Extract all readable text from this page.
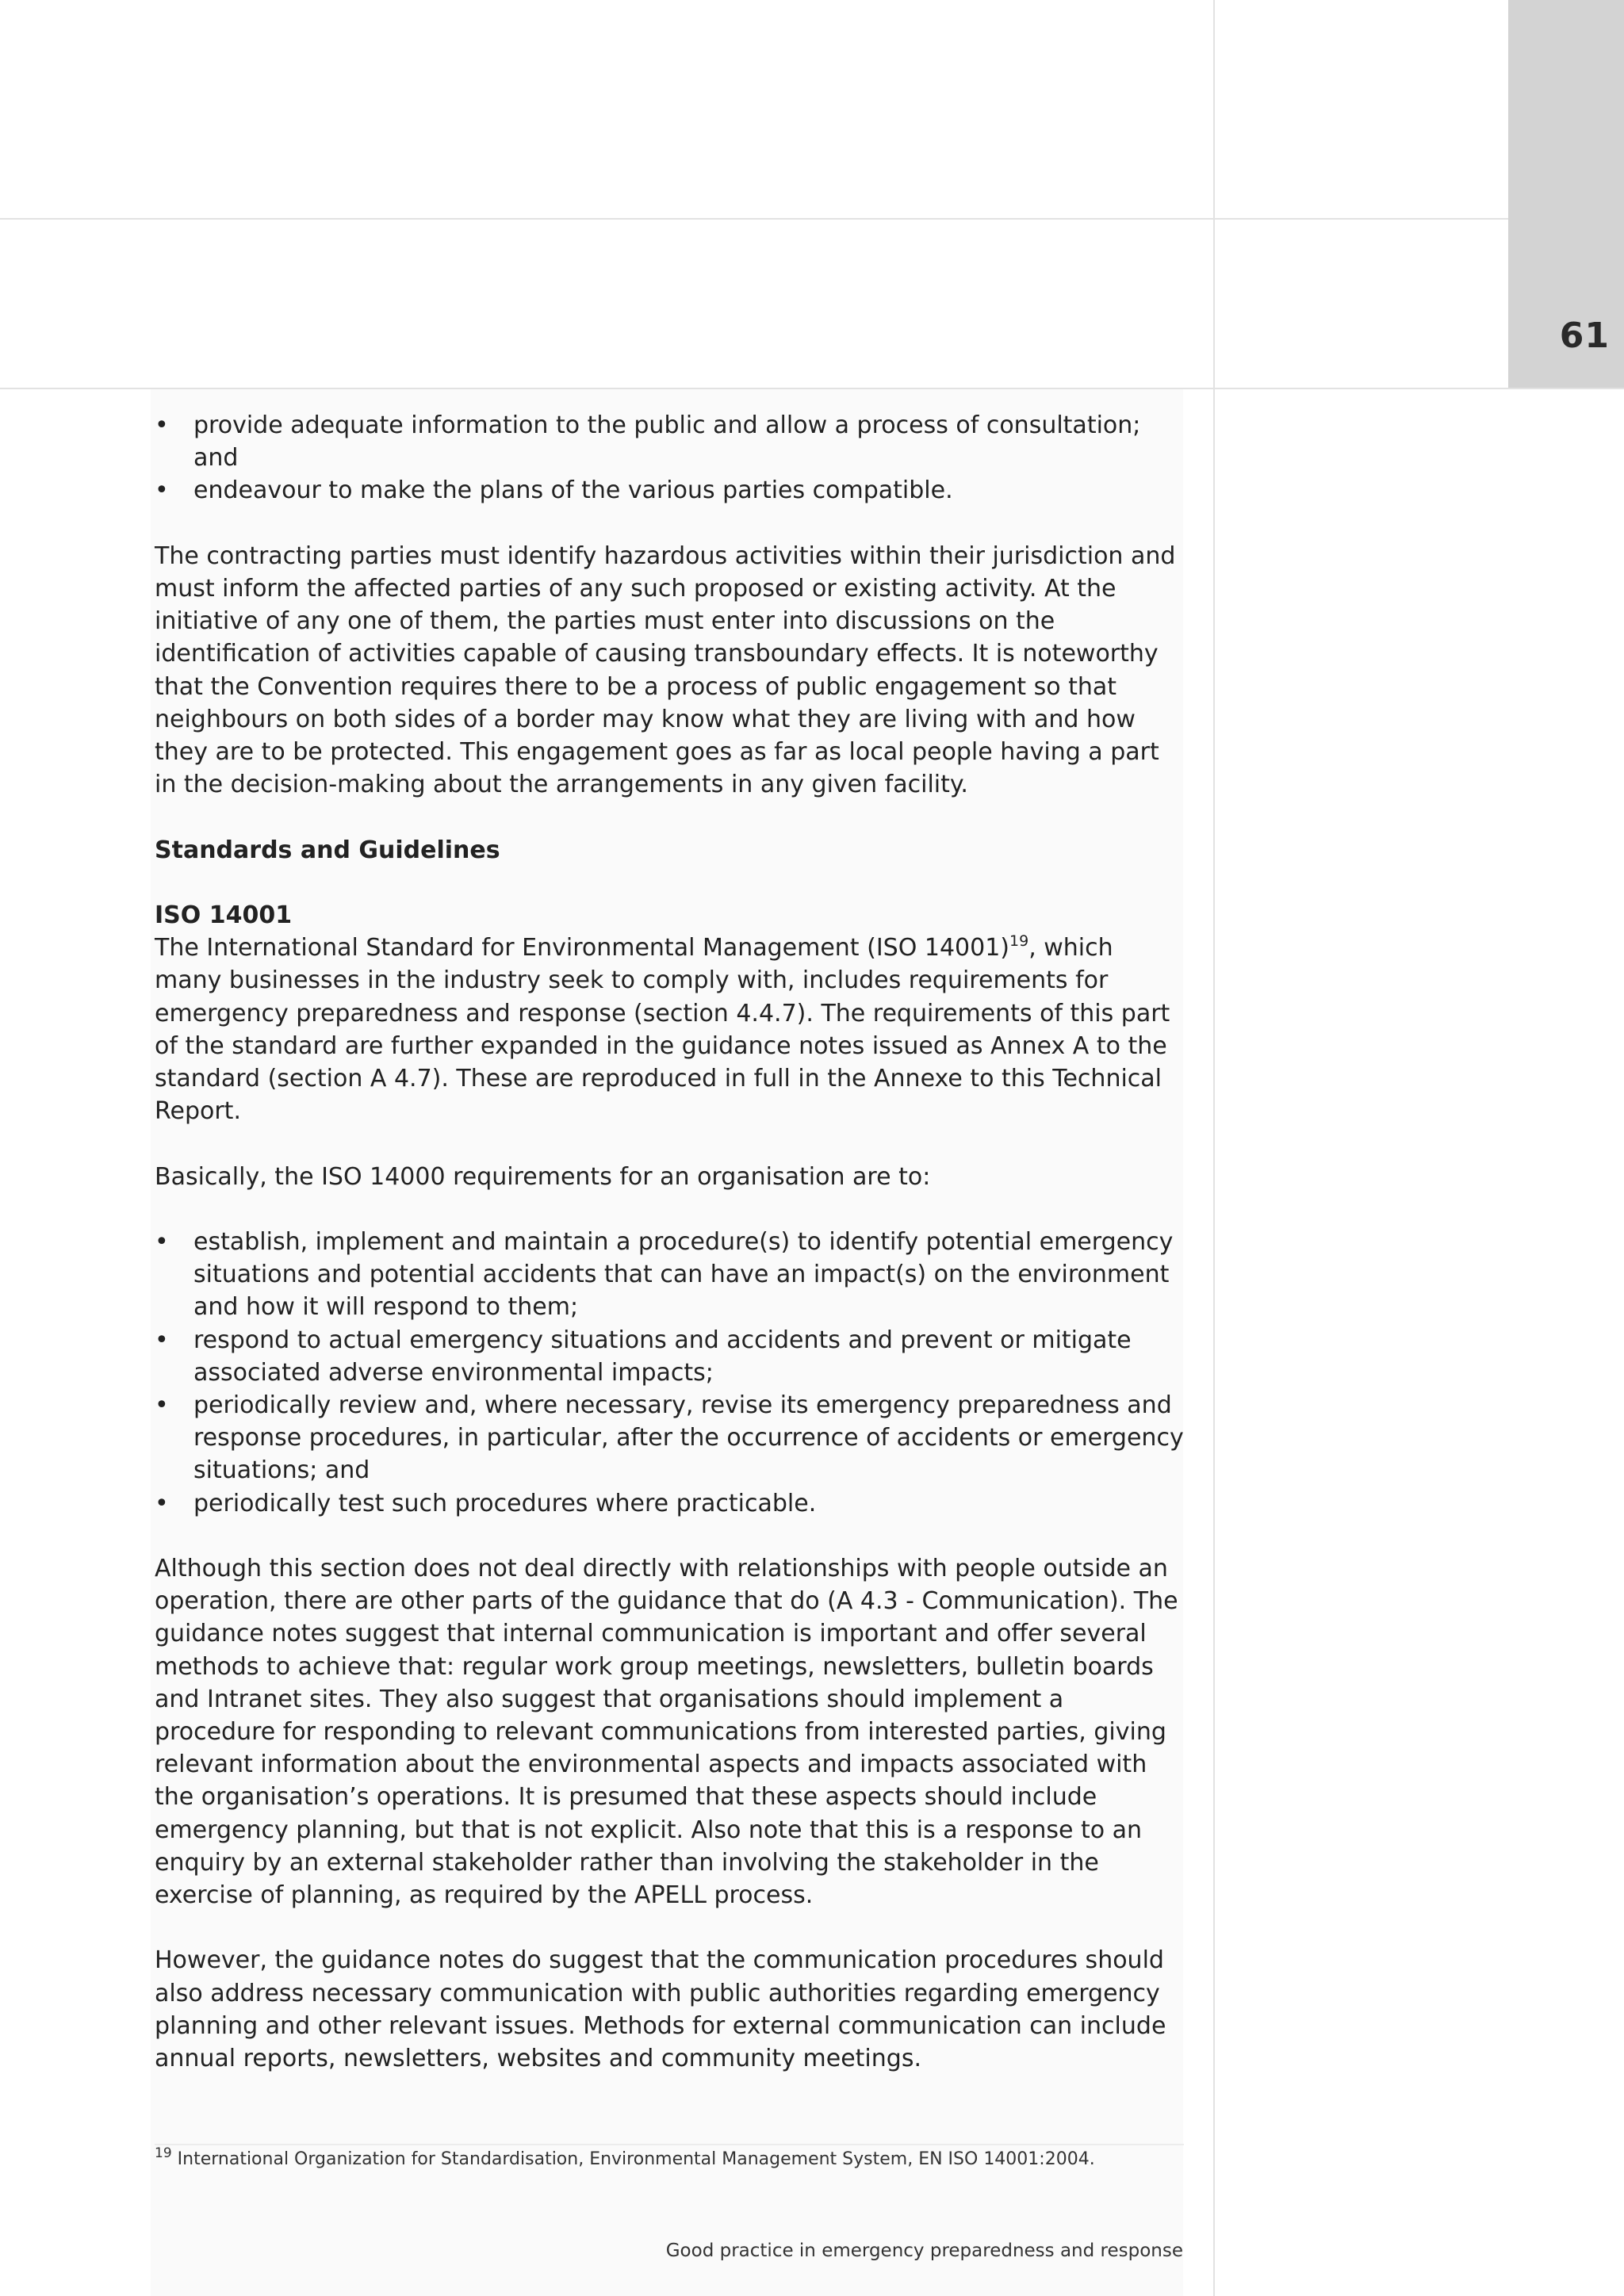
61
• provide adequate information to the public and allow a process of consultation; and
• endeavour to make the plans of the various parties compatible.

The contracting parties must identify hazardous activities within their jurisdiction and must inform the affected parties of any such proposed or existing activity. At the initiative of any one of them, the parties must enter into discussions on the identification of activities capable of causing transboundary effects. It is noteworthy that the Convention requires there to be a process of public engagement so that neighbours on both sides of a border may know what they are living with and how they are to be protected. This engagement goes as far as local people having a part in the decision-making about the arrangements in any given facility.

Standards and Guidelines
ISO 14001

The International Standard for Environmental Management (ISO 14001)$^{19}$, which many businesses in the industry seek to comply with, includes requirements for emergency preparedness and response (section 4.4.7). The requirements of this part of the standard are further expanded in the guidance notes issued as Annex A to the standard (section A 4.7). These are reproduced in full in the Annexe to this Technical Report.

Basically, the ISO 14000 requirements for an organisation are to:

• establish, implement and maintain a procedure(s) to identify potential emergency situations and potential accidents that can have an impact(s) on the environment and how it will respond to them;
• respond to actual emergency situations and accidents and prevent or mitigate associated adverse environmental impacts;
• periodically review and, where necessary, revise its emergency preparedness and response procedures, in particular, after the occurrence of accidents or emergency situations; and
• periodically test such procedures where practicable.

Although this section does not deal directly with relationships with people outside an operation, there are other parts of the guidance that do (A 4.3 - Communication). The guidance notes suggest that internal communication is important and offer several methods to achieve that: regular work group meetings, newsletters, bulletin boards and Intranet sites. They also suggest that organisations should implement a procedure for responding to relevant communications from interested parties, giving relevant information about the environmental aspects and impacts associated with the organisation’s operations. It is presumed that these aspects should include emergency planning, but that is not explicit. Also note that this is a response to an enquiry by an external stakeholder rather than involving the stakeholder in the exercise of planning, as required by the APELL process.

However, the guidance notes do suggest that the communication procedures should also address necessary communication with public authorities regarding emergency planning and other relevant issues. Methods for external communication can include annual reports, newsletters, websites and community meetings.

$^{19}$ International Organization for Standardisation, Environmental Management System, EN ISO 14001:2004.
Good practice in emergency preparedness and response
